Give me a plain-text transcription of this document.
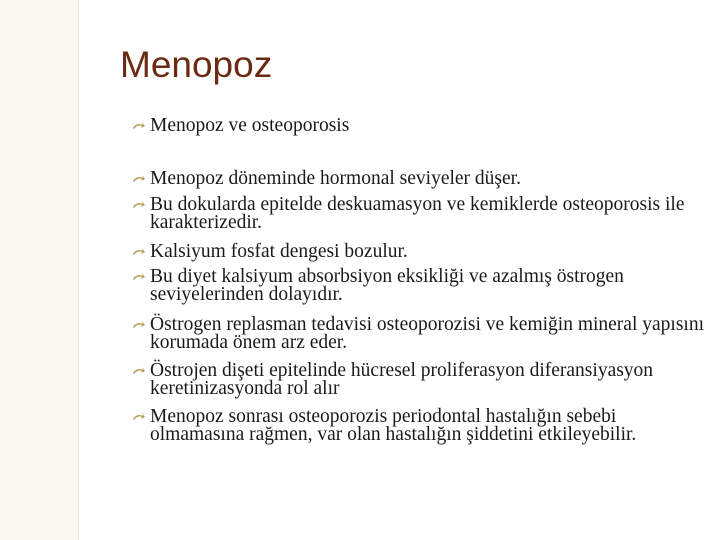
Menopoz
Menopoz ve osteoporosis
Menopoz döneminde hormonal seviyeler düşer.
Bu dokularda epitelde deskuamasyon ve kemiklerde osteoporosis ile karakterizedir.
Kalsiyum fosfat dengesi bozulur.
Bu diyet kalsiyum absorbsiyon eksikliği ve azalmış östrogen seviyelerinden dolayıdır.
Östrogen replasman tedavisi osteoporozisi ve kemiğin mineral yapısını korumada önem arz eder.
Östrojen dişeti epitelinde hücresel proliferasyon diferansiyasyon keretinizasyonda rol alır
Menopoz sonrası osteoporozis periodontal hastalığın sebebi olmamasına rağmen, var olan hastalığın şiddetini etkileyebilir.
